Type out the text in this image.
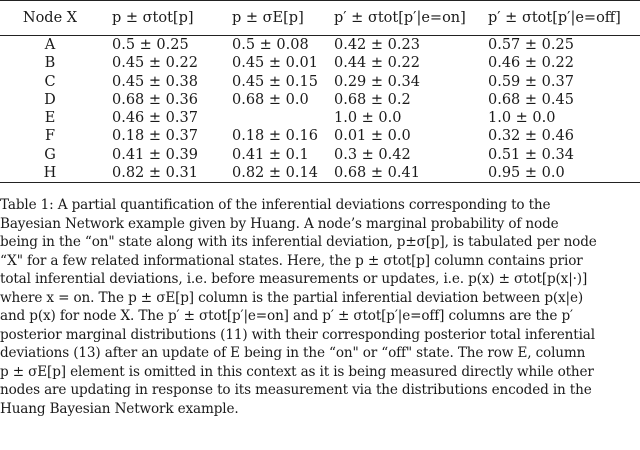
Node X	p ± σtot[p]	p ± σE[p]	p′ ± σtot[p′|e=on]	p′ ± σtot[p′|e=off]
A	0.5 ± 0.25	0.5 ± 0.08	0.42 ± 0.23	0.57 ± 0.25
B	0.45 ± 0.22	0.45 ± 0.01	0.44 ± 0.22	0.46 ± 0.22
C	0.45 ± 0.38	0.45 ± 0.15	0.29 ± 0.34	0.59 ± 0.37
D	0.68 ± 0.36	0.68 ± 0.0	0.68 ± 0.2	0.68 ± 0.45
E	0.46 ± 0.37		1.0 ± 0.0	1.0 ± 0.0
F	0.18 ± 0.37	0.18 ± 0.16	0.01 ± 0.0	0.32 ± 0.46
G	0.41 ± 0.39	0.41 ± 0.1	0.3 ± 0.42	0.51 ± 0.34
H	0.82 ± 0.31	0.82 ± 0.14	0.68 ± 0.41	0.95 ± 0.0
Table 1: A partial quantification of the inferential deviations corresponding to the
Bayesian Network example given by Huang. A node’s marginal probability of node
being in the “on" state along with its inferential deviation, p±σ[p], is tabulated per node
“X" for a few related informational states. Here, the p ± σtot[p] column contains prior
total inferential deviations, i.e. before measurements or updates, i.e. p(x) ± σtot[p(x|·)]
where x = on. The p ± σE[p] column is the partial inferential deviation between p(x|e)
and p(x) for node X. The p′ ± σtot[p′|e=on] and p′ ± σtot[p′|e=off] columns are the p′
posterior marginal distributions (11) with their corresponding posterior total inferential
deviations (13) after an update of E being in the “on" or “off" state. The row E, column
p ± σE[p] element is omitted in this context as it is being measured directly while other
nodes are updating in response to its measurement via the distributions encoded in the
Huang Bayesian Network example.
